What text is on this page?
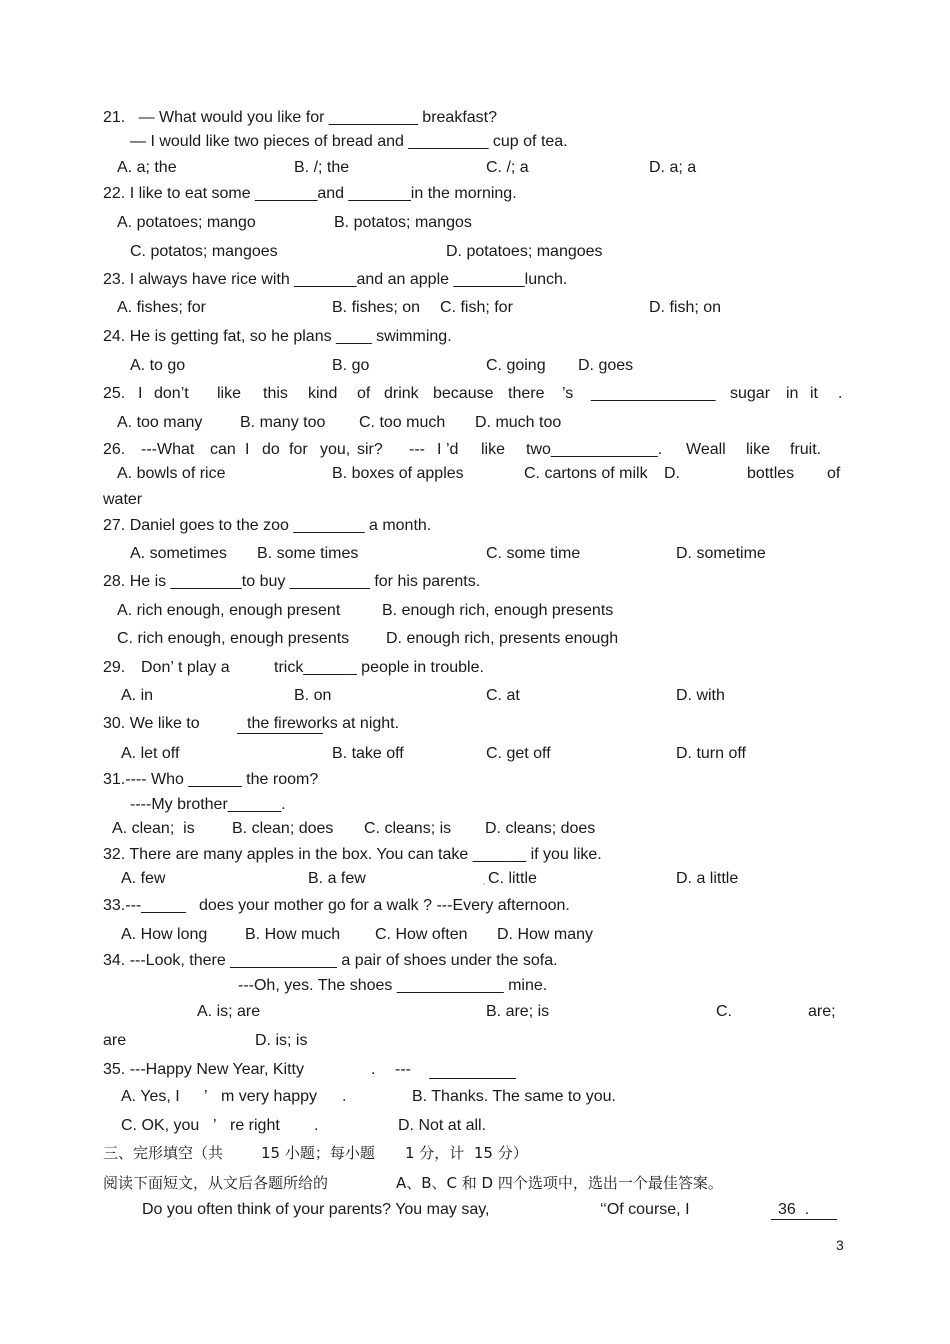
21.   — What would you like for __________ breakfast?
— I would like two pieces of bread and _________ cup of tea.
A. a; the	B. /; the	C. /; a	D. a; a
22. I like to eat some _______and _______in the morning.
A. potatoes; mango	B. potatos; mangos
C. potatos; mangoes	D. potatoes; mangoes
23. I always have rice with _______and an apple ________lunch.
A. fishes; for	B. fishes; on C. fish; for	D. fish; on
24. He is getting fat, so he plans ____ swimming.
A. to go	B. go	C. going D. goes
25. I don’t like this kind of drink because there ’s ______________ sugar in it .
A. too many B. many too C. too much D. much too
26. ---What can I do for you, sir? --- I ’d like two____________. Weall like fruit.
A. bowls of rice	B. boxes of apples	C. cartons of milk D.	bottles of
water
27. Daniel goes to the zoo ________ a month.
A. sometimes B. some times	C. some time	D. sometime
28. He is ________to buy _________ for his parents.
A. rich enough, enough present	B. enough rich, enough presents
C. rich enough, enough presents D. enough rich, presents enough
29. Don’ t play a	trick______ people in trouble.
A. in	B. on	C. at	D. with
30. We like to	the fireworks at night.
A. let off	B. take off	C. get off	D. turn off
31.---- Who ______ the room?
----My brother______.
A. clean;  is B. clean; does C. cleans; is D. cleans; does
32. There are many apples in the box. You can take ______ if you like.
A. few	B. a few	. C. little	D. a little
33.---_____ does your mother go for a walk ? ---Every afternoon.
A. How long B. How much C. How often D. How many
34. ---Look, there ____________ a pair of shoes under the sofa.
---Oh, yes. The shoes ____________ mine.
A. is; are	B. are; is	C.	are;
are	D. is; is
35. ---Happy New Year, Kitty	. ---
A. Yes, I ’ m very happy .	B. Thanks. The same to you.
C. OK, you ’ re right .	D. Not at all.
三、完形填空（共	15 小题；每小题 1 分，计  15 分）
阅读下面短文，从文后各题所给的	A、B、C 和 D 四个选项中，选出一个最佳答案。
Do you often think of your parents? You may say,	‘‘Of course, I	36  .
3
